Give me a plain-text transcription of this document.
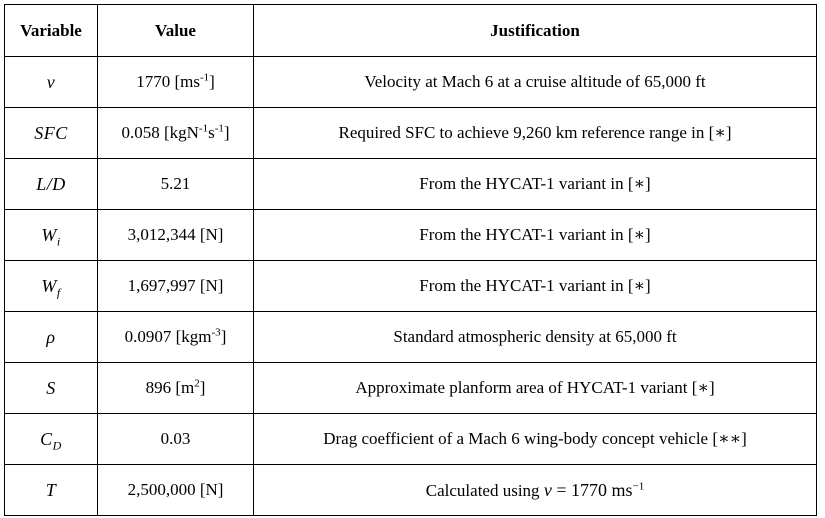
Variable	Value	Justification
v	1770 $[ms^{-1}]$	Velocity at Mach 6 at a cruise altitude of 65,000 ft
SFC	0.058 $[kgN^{-1}s^{-1}]$	Required SFC to achieve 9,260 km reference range in [∗]
L/D	5.21	From the HYCAT-1 variant in [∗]
$W_i$	3,012,344 [N]	From the HYCAT-1 variant in [∗]
$W_f$	1,697,997 [N]	From the HYCAT-1 variant in [∗]
ρ	0.0907 [kgm$^{-3}$]	Standard atmospheric density at 65,000 ft
S	896 $[m^2]$	Approximate planform area of HYCAT-1 variant [∗]
$C_D$	0.03	Drag coefficient of a Mach 6 wing-body concept vehicle [∗∗]
T	2,500,000 [N]	Calculated using v = 1770 $ms^{-1}$
